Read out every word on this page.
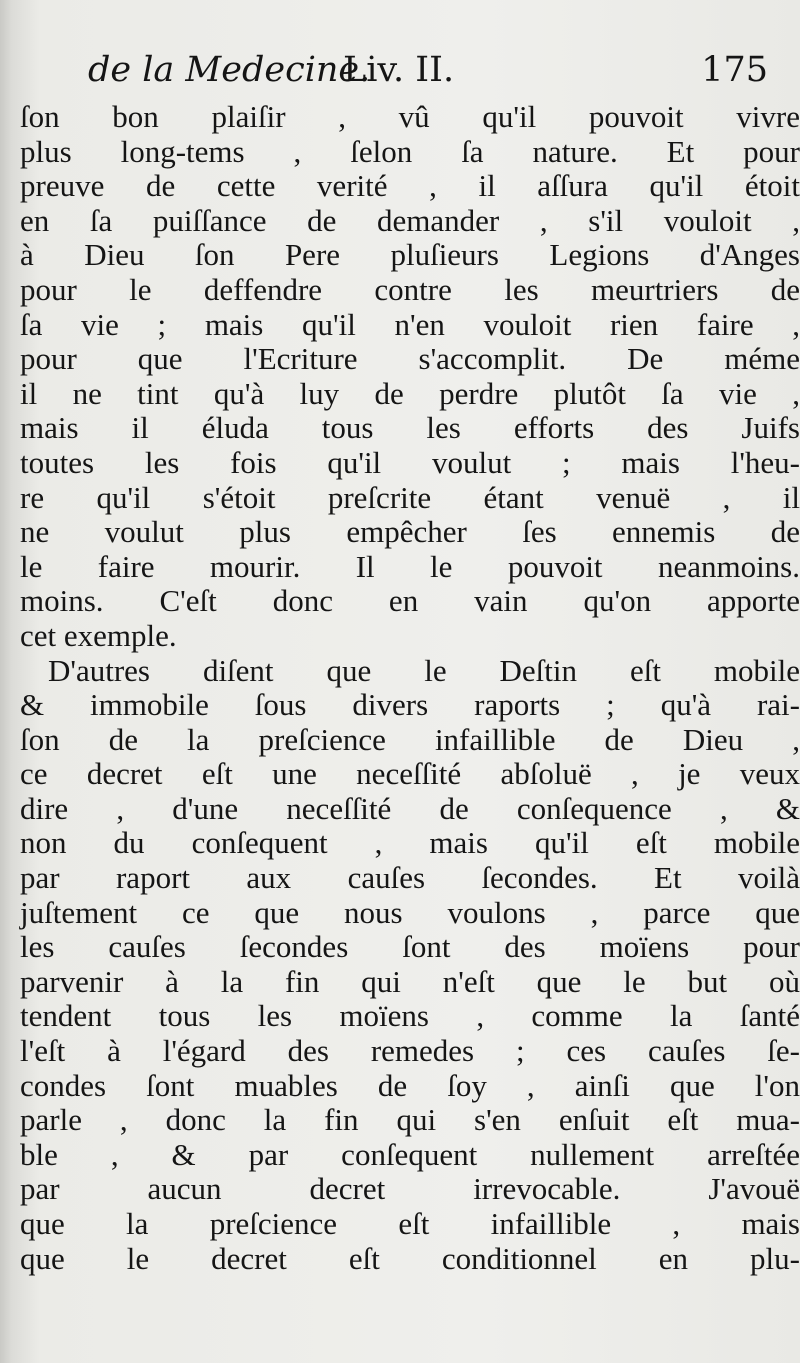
de la Medecine.
Liv. II.	175
ſon bon plaiſir , vû qu'il pouvoit vivre
plus long-tems , ſelon ſa nature. Et pour
preuve de cette verité , il aſſura qu'il étoit
en ſa puiſſance de demander , s'il vouloit ,
à Dieu ſon Pere pluſieurs Legions d'Anges
pour le deffendre contre les meurtriers de
ſa vie ; mais qu'il n'en vouloit rien faire ,
pour que l'Ecriture s'accomplit. De méme
il ne tint qu'à luy de perdre plutôt ſa vie ,
mais il éluda tous les efforts des Juifs
toutes les fois qu'il voulut ; mais l'heu-
re qu'il s'étoit preſcrite étant venuë , il
ne voulut plus empêcher ſes ennemis de
le faire mourir. Il le pouvoit neanmoins.
moins. C'eſt donc en vain qu'on apporte
cet exemple.
D'autres diſent que le Deſtin eſt mobile
& immobile ſous divers raports ; qu'à rai-
ſon de la preſcience infaillible de Dieu ,
ce decret eſt une neceſſité abſoluë , je veux
dire , d'une neceſſité de conſequence , &
non du conſequent , mais qu'il eſt mobile
par raport aux cauſes ſecondes. Et voilà
juſtement ce que nous voulons , parce que
les cauſes ſecondes ſont des moïens pour
parvenir à la fin qui n'eſt que le but où
tendent tous les moïens , comme la ſanté
l'eſt à l'égard des remedes ; ces cauſes ſe-
condes ſont muables de ſoy , ainſi que l'on
parle , donc la fin qui s'en enſuit eſt mua-
ble , & par conſequent nullement arreſtée
par aucun decret irrevocable. J'avouë
que la preſcience eſt infaillible , mais
que le decret eſt conditionnel en plu-
